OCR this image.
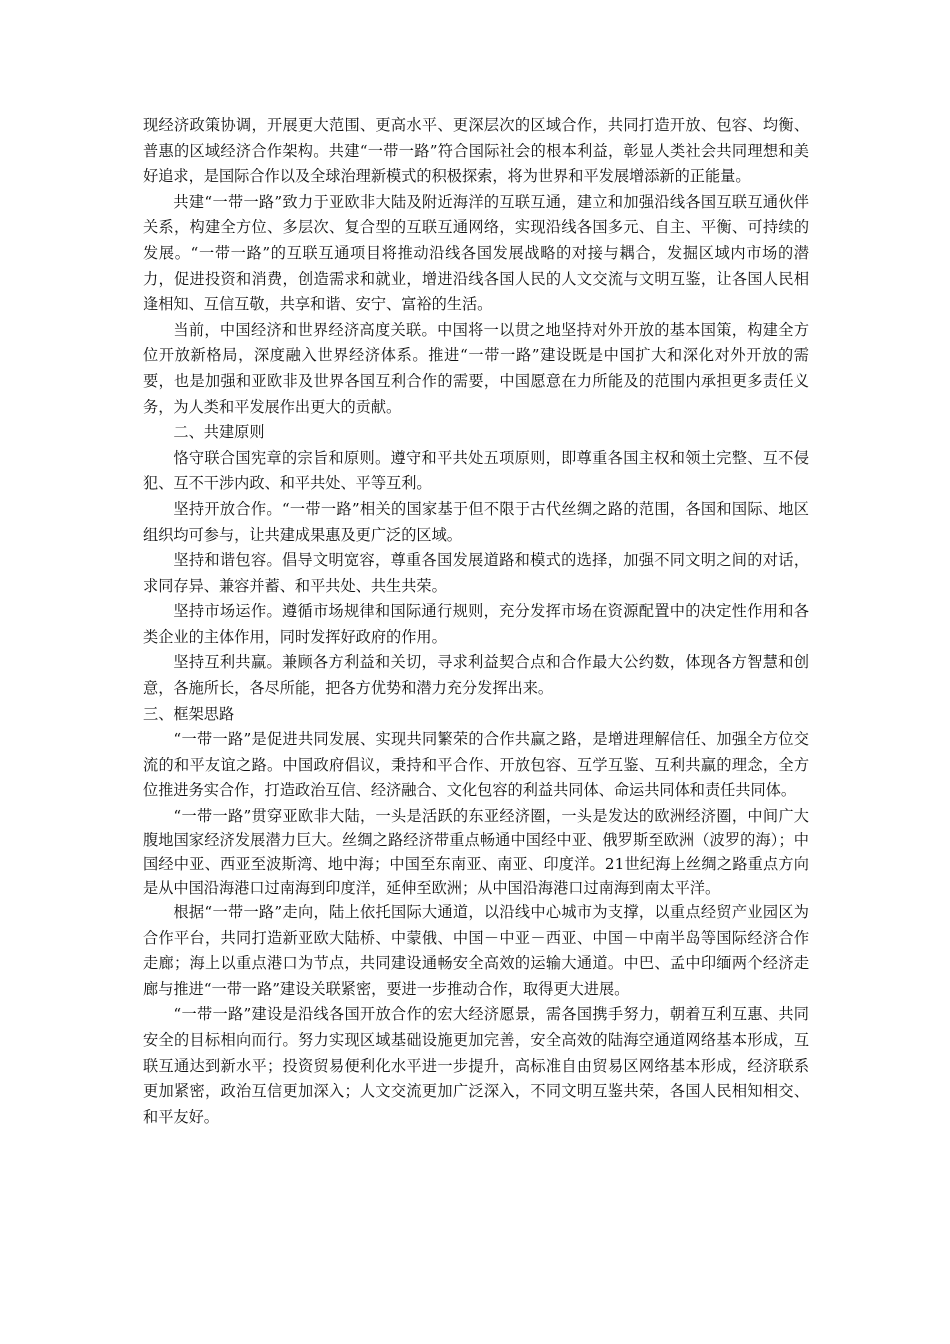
现经济政策协调，开展更大范围、更高水平、更深层次的区域合作，共同打造开放、包容、均衡、普惠的区域经济合作架构。共建“一带一路”符合国际社会的根本利益，彰显人类社会共同理想和美好追求，是国际合作以及全球治理新模式的积极探索，将为世界和平发展增添新的正能量。

共建“一带一路”致力于亚欧非大陆及附近海洋的互联互通，建立和加强沿线各国互联互通伙伴关系，构建全方位、多层次、复合型的互联互通网络，实现沿线各国多元、自主、平衡、可持续的发展。“一带一路”的互联互通项目将推动沿线各国发展战略的对接与耦合，发掘区域内市场的潜力，促进投资和消费，创造需求和就业，增进沿线各国人民的人文交流与文明互鉴，让各国人民相逢相知、互信互敬，共享和谐、安宁、富裕的生活。

当前，中国经济和世界经济高度关联。中国将一以贯之地坚持对外开放的基本国策，构建全方位开放新格局，深度融入世界经济体系。推进“一带一路”建设既是中国扩大和深化对外开放的需要，也是加强和亚欧非及世界各国互利合作的需要，中国愿意在力所能及的范围内承担更多责任义务，为人类和平发展作出更大的贡献。

二、共建原则

恪守联合国宪章的宗旨和原则。遵守和平共处五项原则，即尊重各国主权和领土完整、互不侵犯、互不干涉内政、和平共处、平等互利。

坚持开放合作。“一带一路”相关的国家基于但不限于古代丝绸之路的范围，各国和国际、地区组织均可参与，让共建成果惠及更广泛的区域。

坚持和谐包容。倡导文明宽容，尊重各国发展道路和模式的选择，加强不同文明之间的对话，求同存异、兼容并蓄、和平共处、共生共荣。

坚持市场运作。遵循市场规律和国际通行规则，充分发挥市场在资源配置中的决定性作用和各类企业的主体作用，同时发挥好政府的作用。

坚持互利共赢。兼顾各方利益和关切，寻求利益契合点和合作最大公约数，体现各方智慧和创意，各施所长，各尽所能，把各方优势和潜力充分发挥出来。

三、框架思路

“一带一路”是促进共同发展、实现共同繁荣的合作共赢之路，是增进理解信任、加强全方位交流的和平友谊之路。中国政府倡议，秉持和平合作、开放包容、互学互鉴、互利共赢的理念，全方位推进务实合作，打造政治互信、经济融合、文化包容的利益共同体、命运共同体和责任共同体。

“一带一路”贯穿亚欧非大陆，一头是活跃的东亚经济圈，一头是发达的欧洲经济圈，中间广大腹地国家经济发展潜力巨大。丝绸之路经济带重点畅通中国经中亚、俄罗斯至欧洲（波罗的海）；中国经中亚、西亚至波斯湾、地中海；中国至东南亚、南亚、印度洋。21世纪海上丝绸之路重点方向是从中国沿海港口过南海到印度洋，延伸至欧洲；从中国沿海港口过南海到南太平洋。

根据“一带一路”走向，陆上依托国际大通道，以沿线中心城市为支撑，以重点经贸产业园区为合作平台，共同打造新亚欧大陆桥、中蒙俄、中国－中亚－西亚、中国－中南半岛等国际经济合作走廊；海上以重点港口为节点，共同建设通畅安全高效的运输大通道。中巴、孟中印缅两个经济走廊与推进“一带一路”建设关联紧密，要进一步推动合作，取得更大进展。

“一带一路”建设是沿线各国开放合作的宏大经济愿景，需各国携手努力，朝着互利互惠、共同安全的目标相向而行。努力实现区域基础设施更加完善，安全高效的陆海空通道网络基本形成，互联互通达到新水平；投资贸易便利化水平进一步提升，高标准自由贸易区网络基本形成，经济联系更加紧密，政治互信更加深入；人文交流更加广泛深入，不同文明互鉴共荣，各国人民相知相交、和平友好。
